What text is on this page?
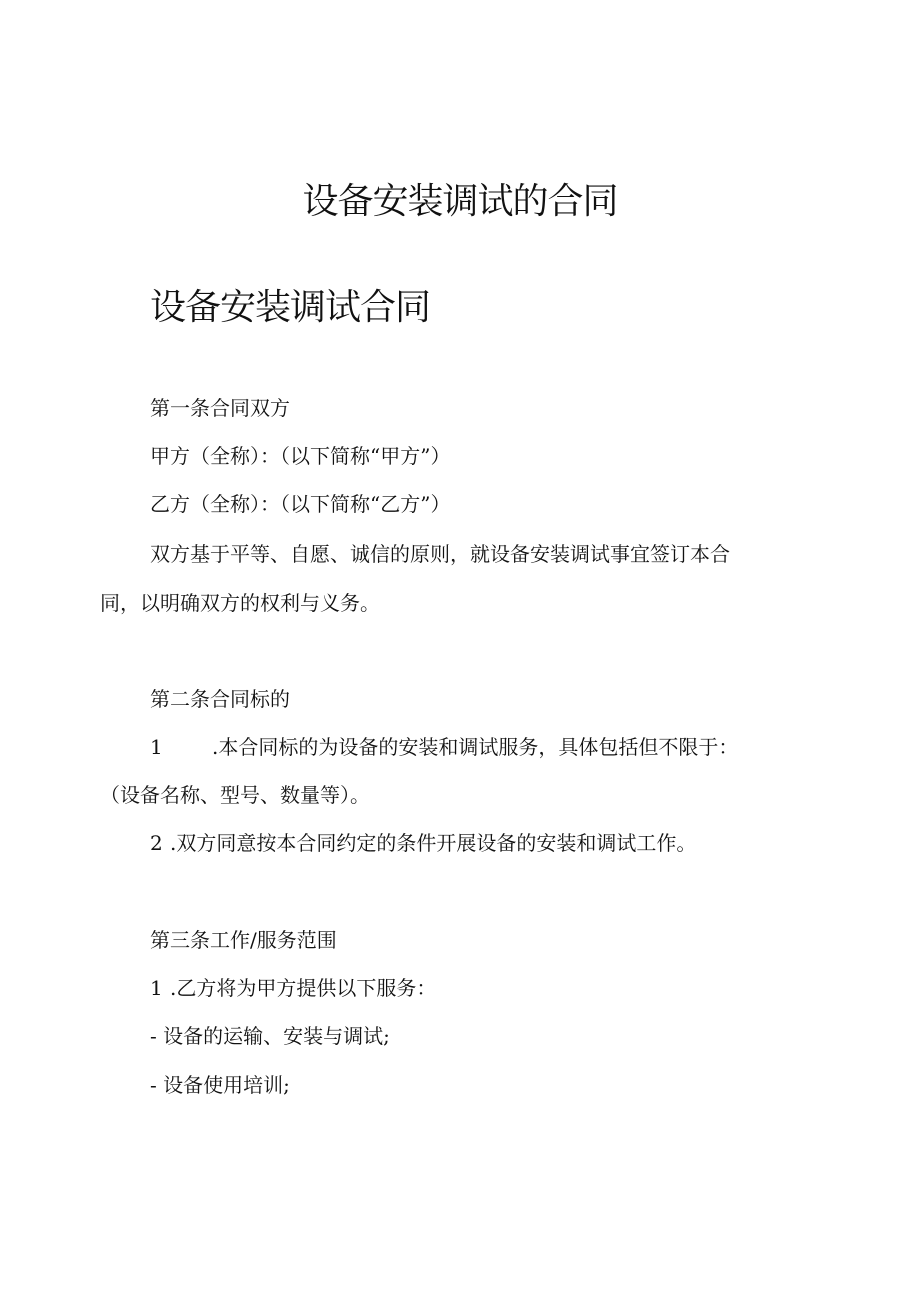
设备安装调试的合同
设备安装调试合同

第一条合同双方

甲方（全称）：（以下简称“甲方”）

乙方（全称）：（以下简称“乙方”）

双方基于平等、自愿、诚信的原则，就设备安装调试事宜签订本合

同，以明确双方的权利与义务。

第二条合同标的

1 .本合同标的为设备的安装和调试服务，具体包括但不限于：

（设备名称、型号、数量等）。

2 .双方同意按本合同约定的条件开展设备的安装和调试工作。

第三条工作/服务范围

1 .乙方将为甲方提供以下服务：

- 设备的运输、安装与调试;

- 设备使用培训;
